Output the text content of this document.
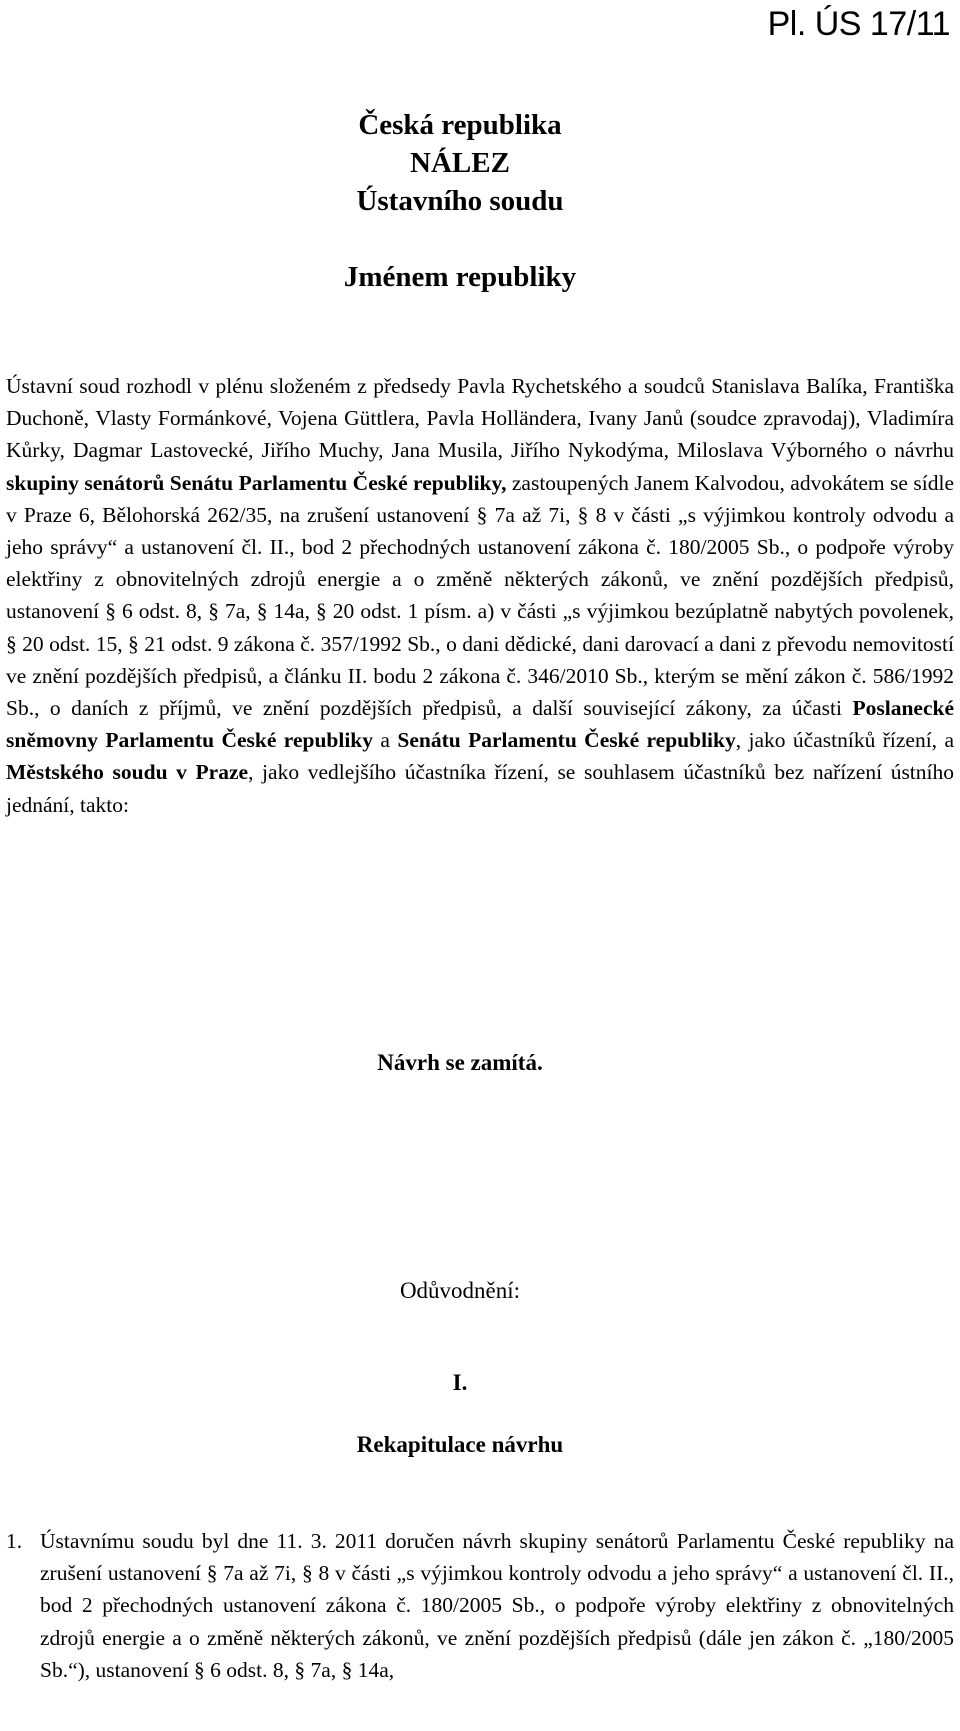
Pl. ÚS 17/11
Česká republika
NÁLEZ
Ústavního soudu
Jménem republiky
Ústavní soud rozhodl v plénu složeném z předsedy Pavla Rychetského a soudců Stanislava Balíka, Františka Duchoně, Vlasty Formánkové, Vojena Güttlera, Pavla Holländera, Ivany Janů (soudce zpravodaj), Vladimíra Kůrky, Dagmar Lastovecké, Jiřího Muchy, Jana Musila, Jiřího Nykodýma, Miloslava Výborného o návrhu skupiny senátorů Senátu Parlamentu České republiky, zastoupených Janem Kalvodou, advokátem se sídle v Praze 6, Bělohorská 262/35, na zrušení ustanovení § 7a až 7i, § 8 v části „s výjimkou kontroly odvodu a jeho správy“ a ustanovení čl. II., bod 2 přechodných ustanovení zákona č. 180/2005 Sb., o podpoře výroby elektřiny z obnovitelných zdrojů energie a o změně některých zákonů, ve znění pozdějších předpisů, ustanovení § 6 odst. 8, § 7a, § 14a, § 20 odst. 1 písm. a) v části „s výjimkou bezúplatně nabytých povolenek, § 20 odst. 15, § 21 odst. 9 zákona č. 357/1992 Sb., o dani dědické, dani darovací a dani z převodu nemovitostí ve znění pozdějších předpisů, a článku II. bodu 2 zákona č. 346/2010 Sb., kterým se mění zákon č. 586/1992 Sb., o daních z příjmů, ve znění pozdějších předpisů, a další související zákony, za účasti Poslanecké sněmovny Parlamentu České republiky a Senátu Parlamentu České republiky, jako účastníků řízení, a Městského soudu v Praze, jako vedlejšího účastníka řízení, se souhlasem účastníků bez nařízení ústního jednání, takto:
Návrh se zamítá.
Odůvodnění:
I.
Rekapitulace návrhu
1. Ústavnímu soudu byl dne 11. 3. 2011 doručen návrh skupiny senátorů Parlamentu České republiky na zrušení ustanovení § 7a až 7i, § 8 v části „s výjimkou kontroly odvodu a jeho správy“ a ustanovení čl. II., bod 2 přechodných ustanovení zákona č. 180/2005 Sb., o podpoře výroby elektřiny z obnovitelných zdrojů energie a o změně některých zákonů, ve znění pozdějších předpisů (dále jen zákon č. „180/2005 Sb.“), ustanovení § 6 odst. 8, § 7a, § 14a,
